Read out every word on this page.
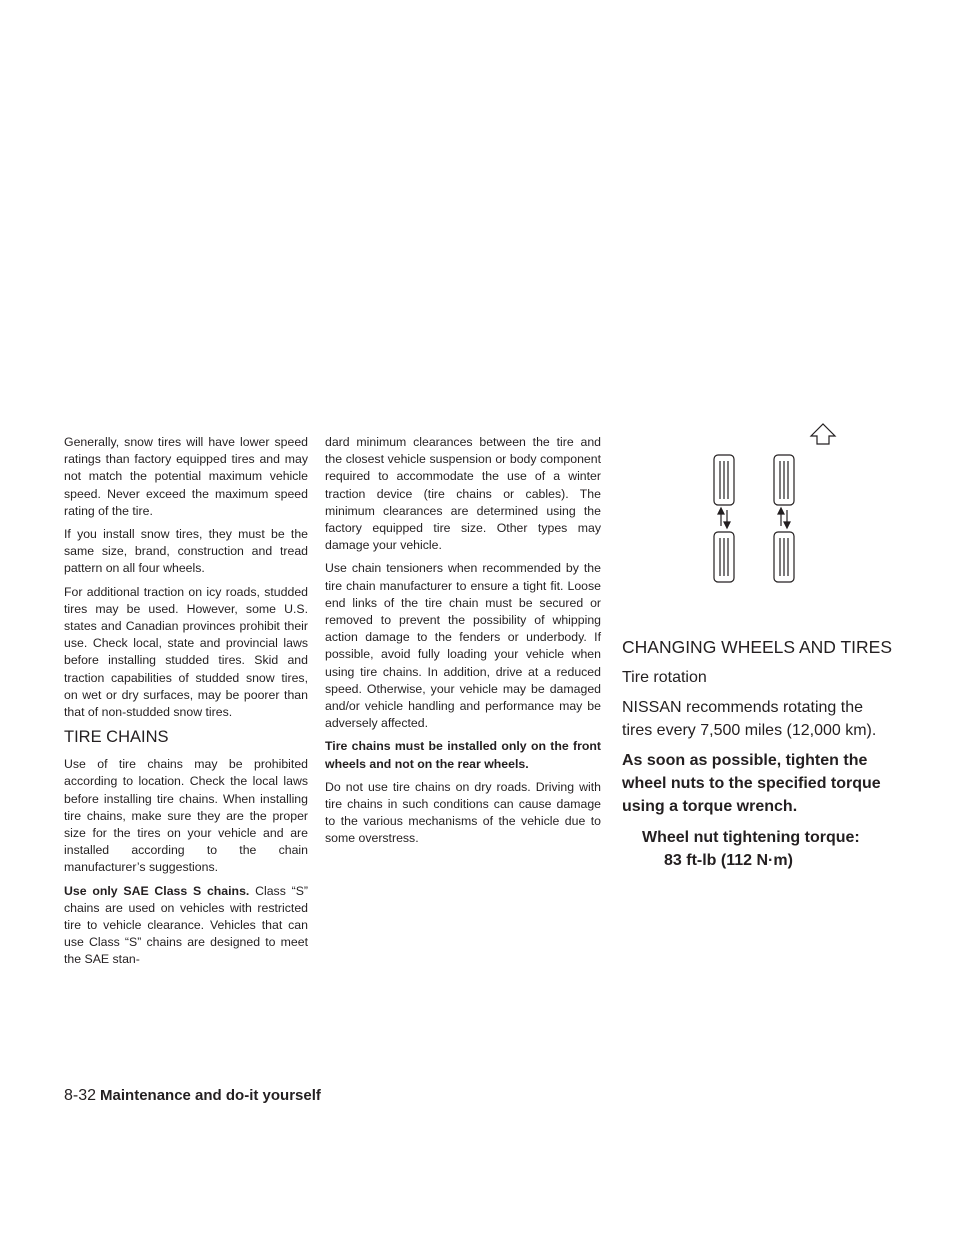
Generally, snow tires will have lower speed ratings than factory equipped tires and may not match the potential maximum vehicle speed. Never exceed the maximum speed rating of the tire.

If you install snow tires, they must be the same size, brand, construction and tread pattern on all four wheels.

For additional traction on icy roads, studded tires may be used. However, some U.S. states and Canadian provinces prohibit their use. Check local, state and provincial laws before installing studded tires. Skid and traction capabilities of studded snow tires, on wet or dry surfaces, may be poorer than that of non-studded snow tires.

TIRE CHAINS

Use of tire chains may be prohibited according to location. Check the local laws before installing tire chains. When installing tire chains, make sure they are the proper size for the tires on your vehicle and are installed according to the chain manufacturer’s suggestions.

Use only SAE Class S chains. Class “S” chains are used on vehicles with restricted tire to vehicle clearance. Vehicles that can use Class “S” chains are designed to meet the SAE stan-

dard minimum clearances between the tire and the closest vehicle suspension or body component required to accommodate the use of a winter traction device (tire chains or cables). The minimum clearances are determined using the factory equipped tire size. Other types may damage your vehicle.

Use chain tensioners when recommended by the tire chain manufacturer to ensure a tight fit. Loose end links of the tire chain must be secured or removed to prevent the possibility of whipping action damage to the fenders or underbody. If possible, avoid fully loading your vehicle when using tire chains. In addition, drive at a reduced speed. Otherwise, your vehicle may be damaged and/or vehicle handling and performance may be adversely affected.

Tire chains must be installed only on the front wheels and not on the rear wheels.

Do not use tire chains on dry roads. Driving with tire chains in such conditions can cause damage to the various mechanisms of the vehicle due to some overstress.

CHANGING WHEELS AND TIRES
Tire rotation

NISSAN recommends rotating the tires every 7,500 miles (12,000 km).

As soon as possible, tighten the wheel nuts to the specified torque using a torque wrench.

Wheel nut tightening torque:
83 ft-lb (112 N·m)
8-32 Maintenance and do-it yourself
